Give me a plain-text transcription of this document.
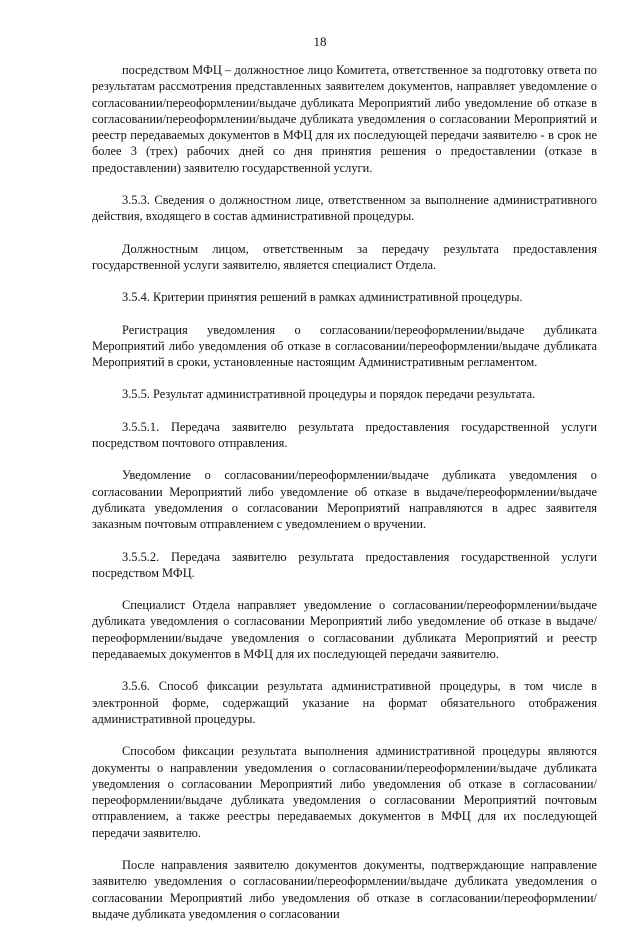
18

посредством МФЦ – должностное лицо Комитета, ответственное за подготовку ответа по результатам рассмотрения представленных заявителем документов, направляет уведомление о согласовании/переоформлении/выдаче дубликата Мероприятий либо уведомление об отказе в согласовании/переоформлении/выдаче дубликата уведомления о согласовании Мероприятий и реестр передаваемых документов в МФЦ для их последующей передачи заявителю - в срок не более 3 (трех) рабочих дней со дня принятия решения о предоставлении (отказе в предоставлении) заявителю государственной услуги.

3.5.3. Сведения о должностном лице, ответственном за выполнение административного действия, входящего в состав административной процедуры.

Должностным лицом, ответственным за передачу результата предоставления государственной услуги заявителю, является специалист Отдела.

3.5.4. Критерии принятия решений в рамках административной процедуры.

Регистрация уведомления о согласовании/переоформлении/выдаче дубликата Мероприятий либо уведомления об отказе в согласовании/переоформлении/выдаче дубликата Мероприятий в сроки, установленные настоящим Административным регламентом.

3.5.5. Результат административной процедуры и порядок передачи результата.

3.5.5.1. Передача заявителю результата предоставления государственной услуги посредством почтового отправления.

Уведомление о согласовании/переоформлении/выдаче дубликата уведомления о согласовании Мероприятий либо уведомление об отказе в выдаче/переоформлении/выдаче дубликата уведомления о согласовании Мероприятий направляются в адрес заявителя заказным почтовым отправлением с уведомлением о вручении.

3.5.5.2. Передача заявителю результата предоставления государственной услуги посредством МФЦ.

Специалист Отдела направляет уведомление о согласовании/переоформлении/выдаче дубликата уведомления о согласовании Мероприятий либо уведомление об отказе в выдаче/переоформлении/выдаче уведомления о согласовании дубликата Мероприятий и реестр передаваемых документов в МФЦ для их последующей передачи заявителю.

3.5.6. Способ фиксации результата административной процедуры, в том числе в электронной форме, содержащий указание на формат обязательного отображения административной процедуры.

Способом фиксации результата выполнения административной процедуры являются документы о направлении уведомления о согласовании/переоформлении/выдаче дубликата уведомления о согласовании Мероприятий либо уведомления об отказе в согласовании/переоформлении/выдаче дубликата уведомления о согласовании Мероприятий почтовым отправлением, а также реестры передаваемых документов в МФЦ для их последующей передачи заявителю.

После направления заявителю документов документы, подтверждающие направление заявителю уведомления о согласовании/переоформлении/выдаче дубликата уведомления о согласовании Мероприятий либо уведомления об отказе в согласовании/переоформлении/выдаче дубликата уведомления о согласовании
